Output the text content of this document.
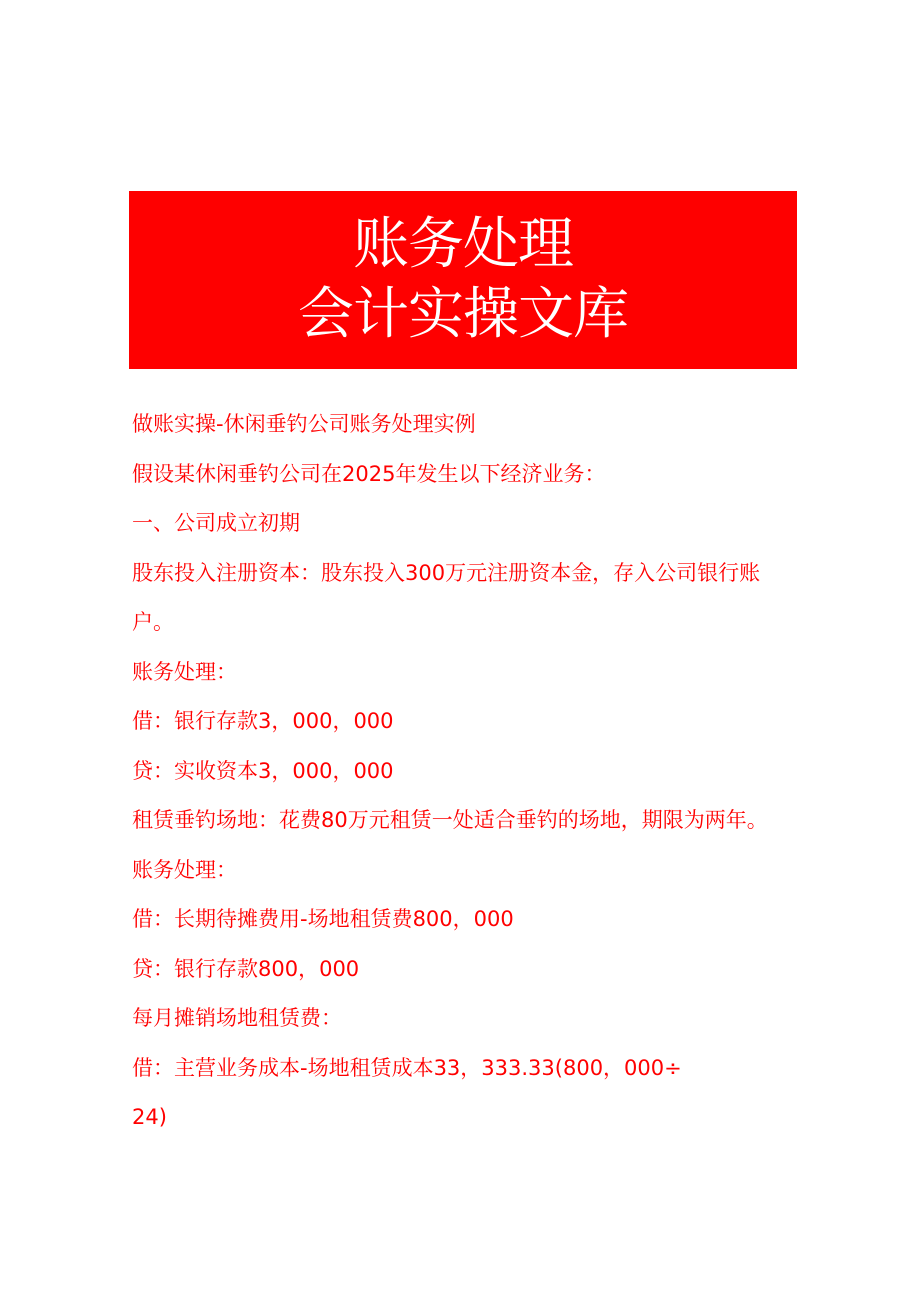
账务处理
会计实操文库
做账实操-休闲垂钓公司账务处理实例
假设某休闲垂钓公司在2025年发生以下经济业务：
一、公司成立初期
股东投入注册资本：股东投入300万元注册资本金，存入公司银行账
户。
账务处理：
借：银行存款3，000，000
贷：实收资本3，000，000
租赁垂钓场地：花费80万元租赁一处适合垂钓的场地，期限为两年。
账务处理：
借：长期待摊费用-场地租赁费800，000
贷：银行存款800，000
每月摊销场地租赁费：
借：主营业务成本-场地租赁成本33，333.33(800，000÷
24)
